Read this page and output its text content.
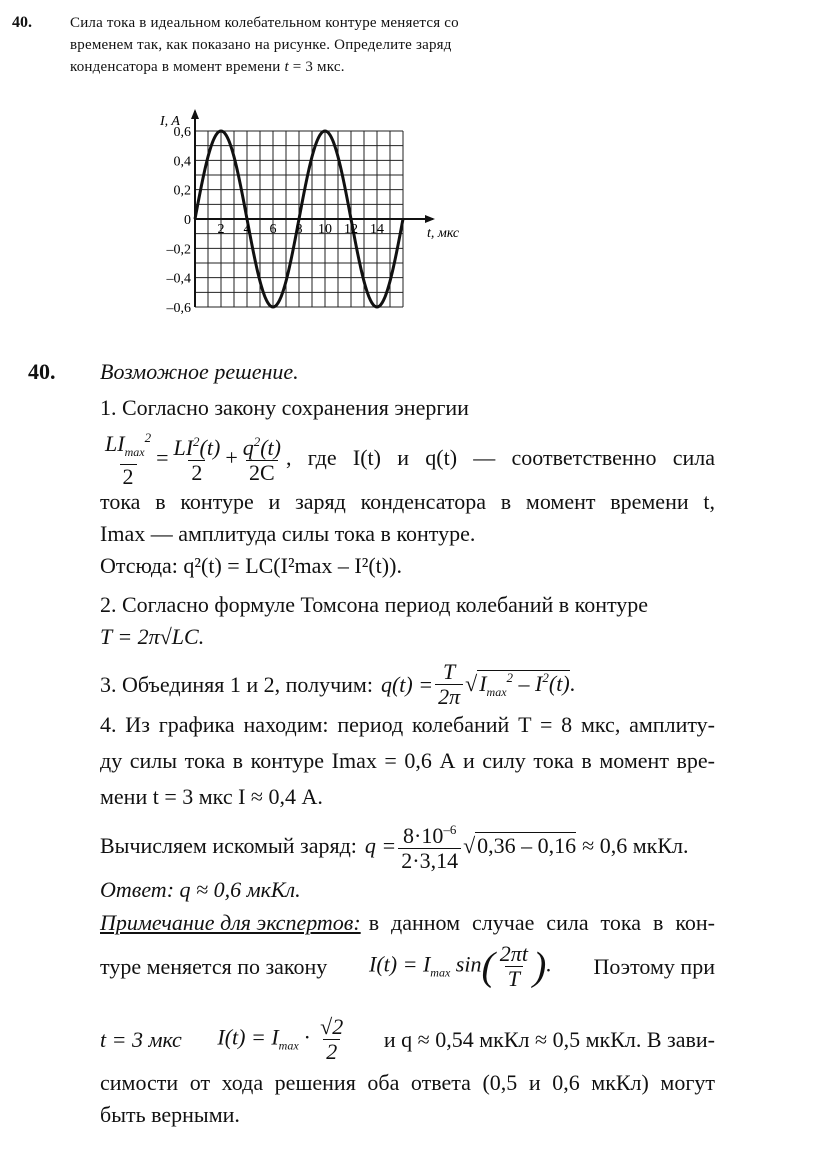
40.	Сила тока в идеальном колебательном контуре меняется со
временем так, как показано на рисунке. Определите заряд
конденсатора в момент времени t = 3 мкс.
I, A
t, мкс
2 4 6 8 10 12 14
0,6
0,4
0,2
0
–0,2
–0,4
–0,6
40. Возможное решение.
1. Согласно закону сохранения энергии
$\frac{LI_{max}^2}{2} = \frac{LI^2(t)}{2} + \frac{q^2(t)}{2C}$ , где I(t) и q(t) — соответственно сила
тока в контуре и заряд конденсатора в момент времени t,
Imax — амплитуда силы тока в контуре.
Отсюда: q²(t) = LC(I²max – I²(t)).
2. Согласно формуле Томсона период колебаний в контуре
T = 2π√LC.
3. Объединяя 1 и 2, получим: $q(t) = \frac{T}{2\pi} √I_{max}^2 - I^2(t)$.
4. Из графика находим: период колебаний T = 8 мкс, амплиту-
ду силы тока в контуре Imax = 0,6 А и силу тока в момент вре-
мени t = 3 мкс I ≈ 0,4 А.
Вычисляем искомый заряд: $q = \frac{8\cdot 10^{-6}}{2\cdot 3,14} √0,36 - 0,16 \approx 0,6$ мкКл.
Ответ: q ≈ 0,6 мкКл.
Примечание для экспертов: в данном случае сила тока в кон-
туре меняется по закону $I(t) = I_{max}$ $\sin( \frac{2\pi t}{T}$ ). Поэтому при
t = 3 мкс $I(t) = I_{max} \cdot \frac{√2}{2}$ и q ≈ 0,54 мкКл ≈ 0,5 мкКл. В зави-
симости от хода решения оба ответа (0,5 и 0,6 мкКл) могут
быть верными.
